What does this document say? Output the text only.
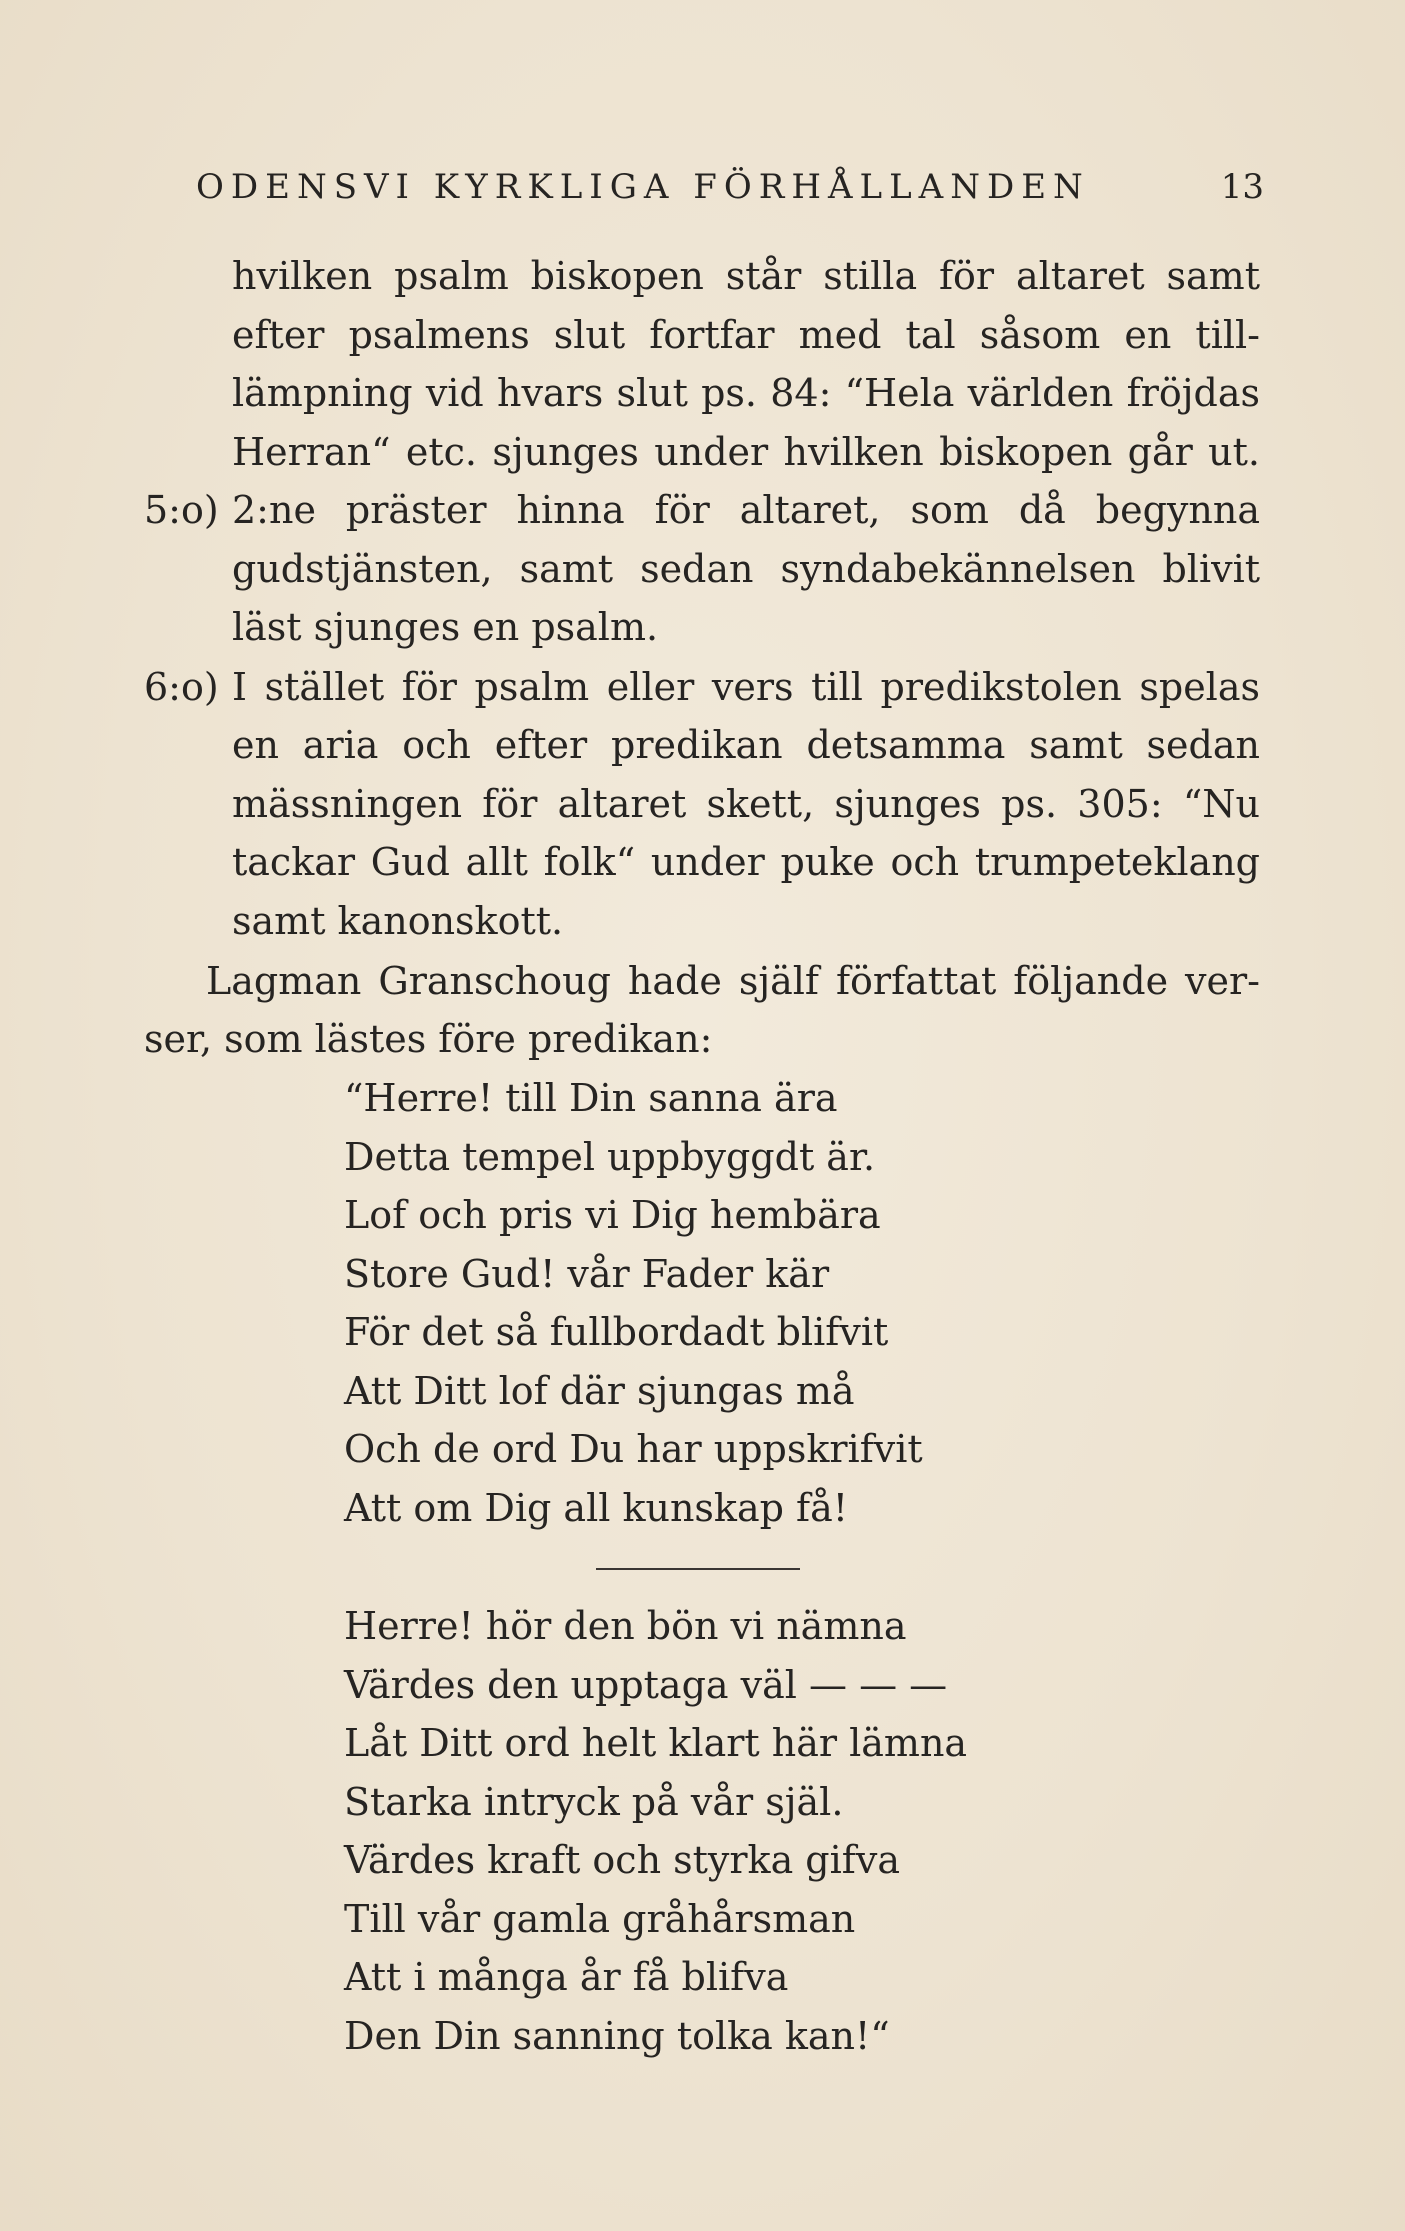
ODENSVI KYRKLIGA FÖRHÅLLANDEN	13
hvilken psalm biskopen står stilla för altaret samt
efter psalmens slut fortfar med tal såsom en till-
lämpning vid hvars slut ps. 84: “Hela världen fröjdas
Herran“ etc. sjunges under hvilken biskopen går ut.
5:o) 2:ne präster hinna för altaret, som då begynna
gudstjänsten, samt sedan syndabekännelsen blivit
läst sjunges en psalm.
6:o) I stället för psalm eller vers till predikstolen spelas
en aria och efter predikan detsamma samt sedan
mässningen för altaret skett, sjunges ps. 305: “Nu
tackar Gud allt folk“ under puke och trumpeteklang
samt kanonskott.
Lagman Granschoug hade själf författat följande ver-
ser, som lästes före predikan:
“Herre! till Din sanna ära
Detta tempel uppbyggdt är.
Lof och pris vi Dig hembära
Store Gud! vår Fader kär
För det så fullbordadt blifvit
Att Ditt lof där sjungas må
Och de ord Du har uppskrifvit
Att om Dig all kunskap få!
Herre! hör den bön vi nämna
Värdes den upptaga väl — — —
Låt Ditt ord helt klart här lämna
Starka intryck på vår själ.
Värdes kraft och styrka gifva
Till vår gamla gråhårsman
Att i många år få blifva
Den Din sanning tolka kan!“
